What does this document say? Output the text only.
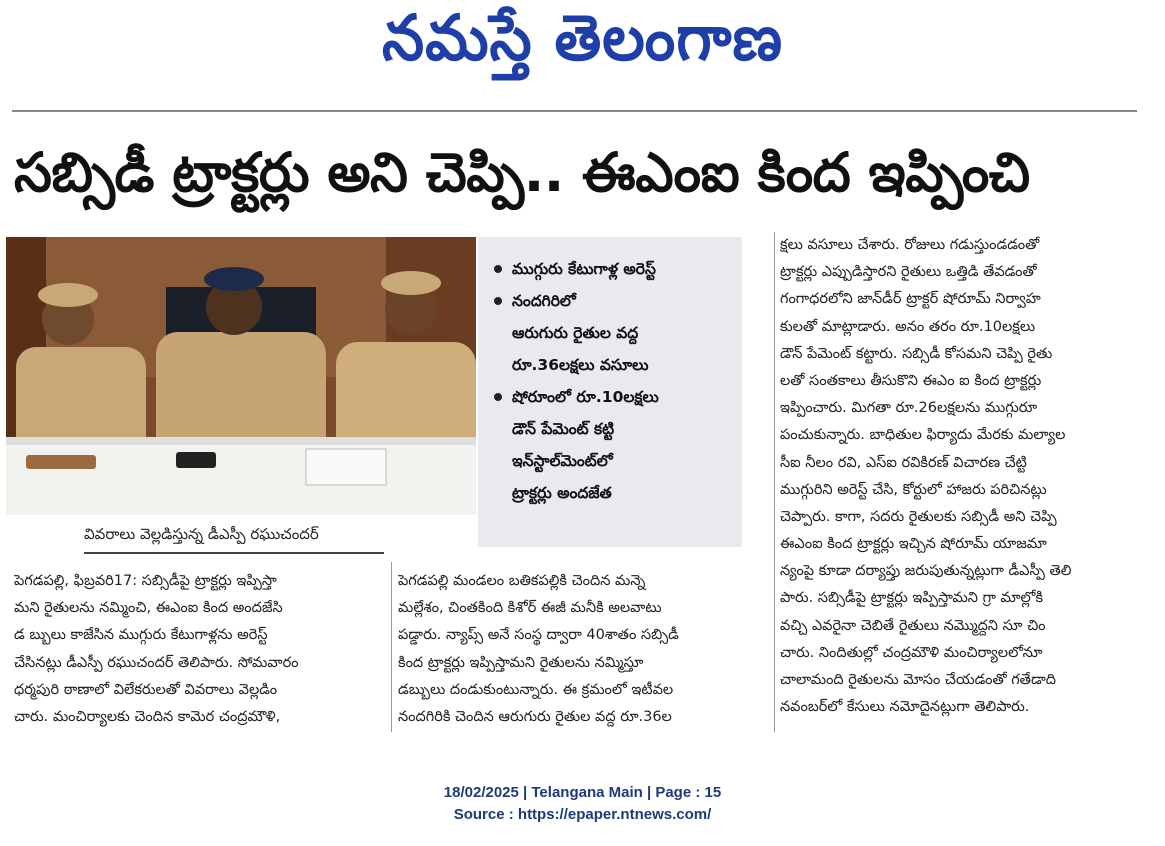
నమస్తే తెలంగాణ
సబ్సిడీ ట్రాక్టర్లు అని చెప్పి.. ఈఎంఐ కింద ఇప్పించి
వివరాలు వెల్లడిస్తున్న డీఎస్పీ రఘుచందర్
ముగ్గురు కేటుగాళ్ల అరెస్ట్
నందగిరిలో
ఆరుగురు రైతుల వద్ద
రూ.36లక్షలు వసూలు
షోరూంలో రూ.10లక్షలు
డౌన్ పేమెంట్ కట్టి
ఇన్‌స్టాల్‌మెంట్‌లో
ట్రాక్టర్లు అందజేత
పెగడపల్లి, ఫిబ్రవరి17: సబ్సిడీపై ట్రాక్టర్లు ఇప్పిస్తా
మని రైతులను నమ్మించి, ఈఎంఐ కింద అందజేసి
డ బ్బులు కాజేసిన ముగ్గురు కేటుగాళ్లను అరెస్ట్
చేసినట్లు డీఎస్పీ రఘుచందర్ తెలిపారు. సోమవారం
ధర్మపురి ఠాణాలో విలేకరులతో వివరాలు వెల్లడిం
చారు. మంచిర్యాలకు చెందిన కామెర చంద్రమౌళి,
పెగడపల్లి మండలం బతికపల్లికి చెందిన మన్నె
మల్లేశం, చింతకింది కిశోర్ ఈజీ మనీకి అలవాటు
పడ్డారు. న్యాప్స్ అనే సంస్థ ద్వారా 40శాతం సబ్సిడీ
కింద ట్రాక్టర్లు ఇప్పిస్తామని రైతులను నమ్మిస్తూ
డబ్బులు దండుకుంటున్నారు. ఈ క్రమంలో ఇటీవల
నందగిరికి చెందిన ఆరుగురు రైతుల వద్ద రూ.36ల
క్షలు వసూలు చేశారు. రోజులు గడుస్తుండడంతో
ట్రాక్టర్లు ఎప్పుడిస్తారని రైతులు ఒత్తిడి తేవడంతో
గంగాధరలోని జాన్‌డీర్ ట్రాక్టర్ షోరూమ్ నిర్వాహ
కులతో మాట్లాడారు. అనం తరం రూ.10లక్షలు
డౌన్ పేమెంట్ కట్టారు. సబ్సిడీ కోసమని చెప్పి రైతు
లతో సంతకాలు తీసుకొని ఈఎం ఐ కింద ట్రాక్టర్లు
ఇప్పించారు. మిగతా రూ.26లక్షలను ముగ్గురూ
పంచుకున్నారు. బాధితుల ఫిర్యాదు మేరకు మల్యాల
సీఐ నీలం రవి, ఎస్ఐ రవికిరణ్ విచారణ చేట్టి
ముగ్గురిని అరెస్ట్ చేసి, కోర్టులో హాజరు పరిచినట్లు
చెప్పారు. కాగా, సదరు రైతులకు సబ్సిడీ అని చెప్పి
ఈఎంఐ కింద ట్రాక్టర్లు ఇచ్చిన షోరూమ్ యాజమా
న్యంపై కూడా దర్యాప్తు జరుపుతున్నట్లుగా డీఎస్పీ తెలి
పారు. సబ్సిడీపై ట్రాక్టర్లు ఇప్పిస్తామని గ్రా మాల్లోకి
వచ్చి ఎవరైనా చెబితే రైతులు నమ్మొద్దని సూ చిం
చారు. నిందితుల్లో చంద్రమౌళి మంచిర్యాలలోనూ
చాలామంది రైతులను మోసం చేయడంతో గతేడాది
నవంబర్‌లో కేసులు నమోదైనట్లుగా తెలిపారు.
18/02/2025 | Telangana Main | Page : 15
Source : https://epaper.ntnews.com/
